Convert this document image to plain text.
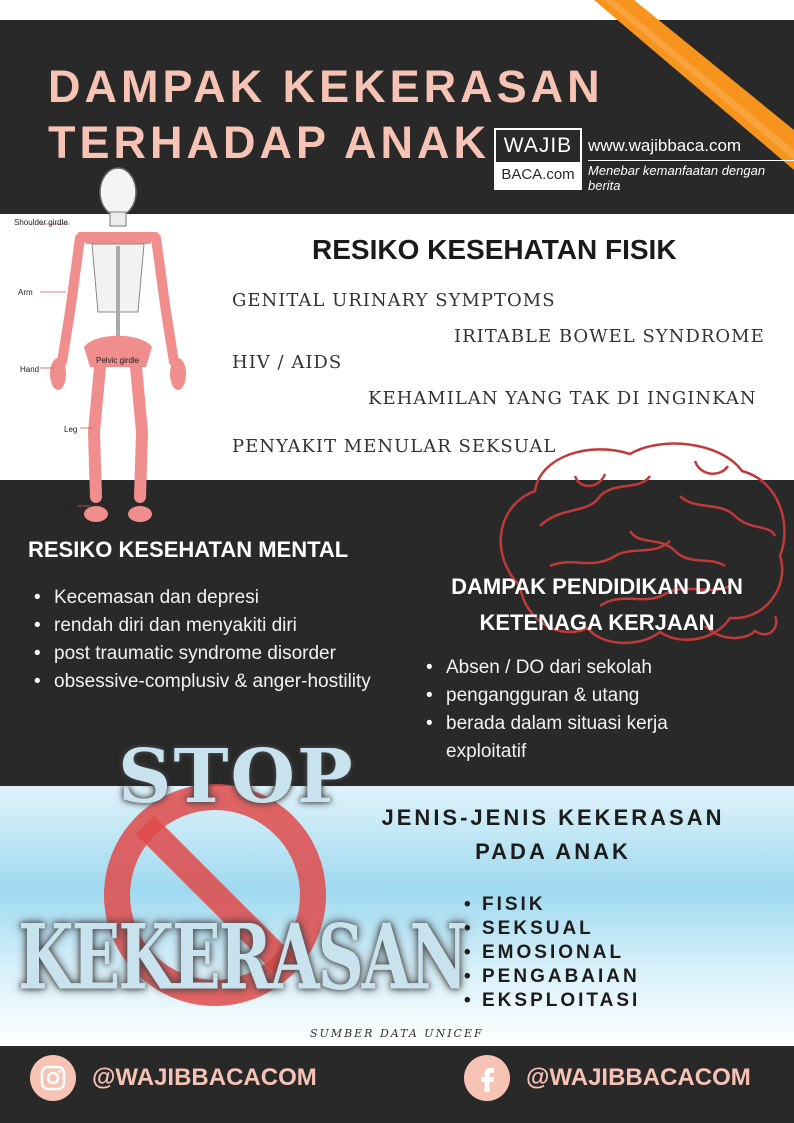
Shoulder girdle
Arm
Hand
Pelvic girdle
Leg
Foot
DAMPAK KEKERASAN
TERHADAP ANAK WAJIB
BACA.com
www.wajibbaca.com
Menebar kemanfaatan dengan berita
RESIKO KESEHATAN FISIK
GENITAL URINARY SYMPTOMS
IRITABLE BOWEL SYNDROME
HIV / AIDS
KEHAMILAN YANG TAK DI INGINKAN
PENYAKIT MENULAR SEKSUAL
RESIKO KESEHATAN MENTAL
• Kecemasan dan depresi
• rendah diri dan menyakiti diri
• post traumatic syndrome disorder
• obsessive-complusiv & anger-hostility
DAMPAK PENDIDIKAN DAN
KETENAGA KERJAAN
• Absen / DO dari sekolah
• pengangguran & utang
• berada dalam situasi kerja exploitatif
STOP
KEKERASAN
JENIS-JENIS KEKERASAN
PADA ANAK
• FISIK
• SEKSUAL
• EMOSIONAL
• PENGABAIAN
• EKSPLOITASI
SUMBER DATA UNICEF
@WAJIBBACACOM	@WAJIBBACACOM
